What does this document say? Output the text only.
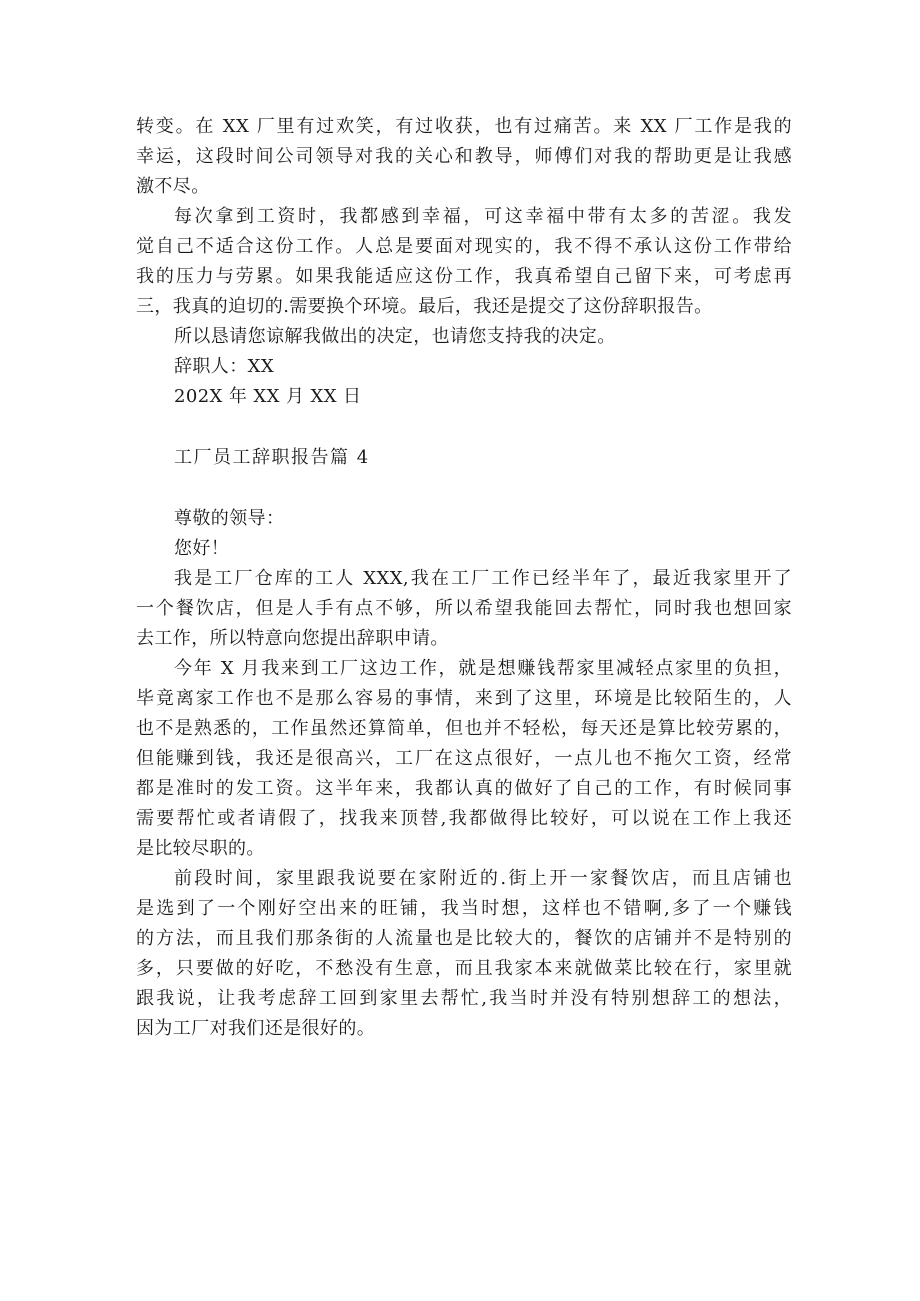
转变。在 XX 厂里有过欢笑，有过收获，也有过痛苦。来 XX 厂工作是我的
幸运，这段时间公司领导对我的关心和教导，师傅们对我的帮助更是让我感
激不尽。
每次拿到工资时，我都感到幸福，可这幸福中带有太多的苦涩。我发
觉自己不适合这份工作。人总是要面对现实的，我不得不承认这份工作带给
我的压力与劳累。如果我能适应这份工作，我真希望自己留下来，可考虑再
三，我真的迫切的.需要换个环境。最后，我还是提交了这份辞职报告。
所以恳请您谅解我做出的决定，也请您支持我的决定。
辞职人：XX
202X 年 XX 月 XX 日
工厂员工辞职报告篇 4
尊敬的领导：
您好！
我是工厂仓库的工人 XXX,我在工厂工作已经半年了，最近我家里开了
一个餐饮店，但是人手有点不够，所以希望我能回去帮忙，同时我也想回家
去工作，所以特意向您提出辞职申请。
今年 X 月我来到工厂这边工作，就是想赚钱帮家里减轻点家里的负担，
毕竟离家工作也不是那么容易的事情，来到了这里，环境是比较陌生的，人
也不是熟悉的，工作虽然还算简单，但也并不轻松，每天还是算比较劳累的，
但能赚到钱，我还是很高兴，工厂在这点很好，一点儿也不拖欠工资，经常
都是准时的发工资。这半年来，我都认真的做好了自己的工作，有时候同事
需要帮忙或者请假了，找我来顶替,我都做得比较好，可以说在工作上我还
是比较尽职的。
前段时间，家里跟我说要在家附近的.街上开一家餐饮店，而且店铺也
是选到了一个刚好空出来的旺铺，我当时想，这样也不错啊,多了一个赚钱
的方法，而且我们那条街的人流量也是比较大的，餐饮的店铺并不是特别的
多，只要做的好吃，不愁没有生意，而且我家本来就做菜比较在行，家里就
跟我说，让我考虑辞工回到家里去帮忙,我当时并没有特别想辞工的想法，
因为工厂对我们还是很好的。
